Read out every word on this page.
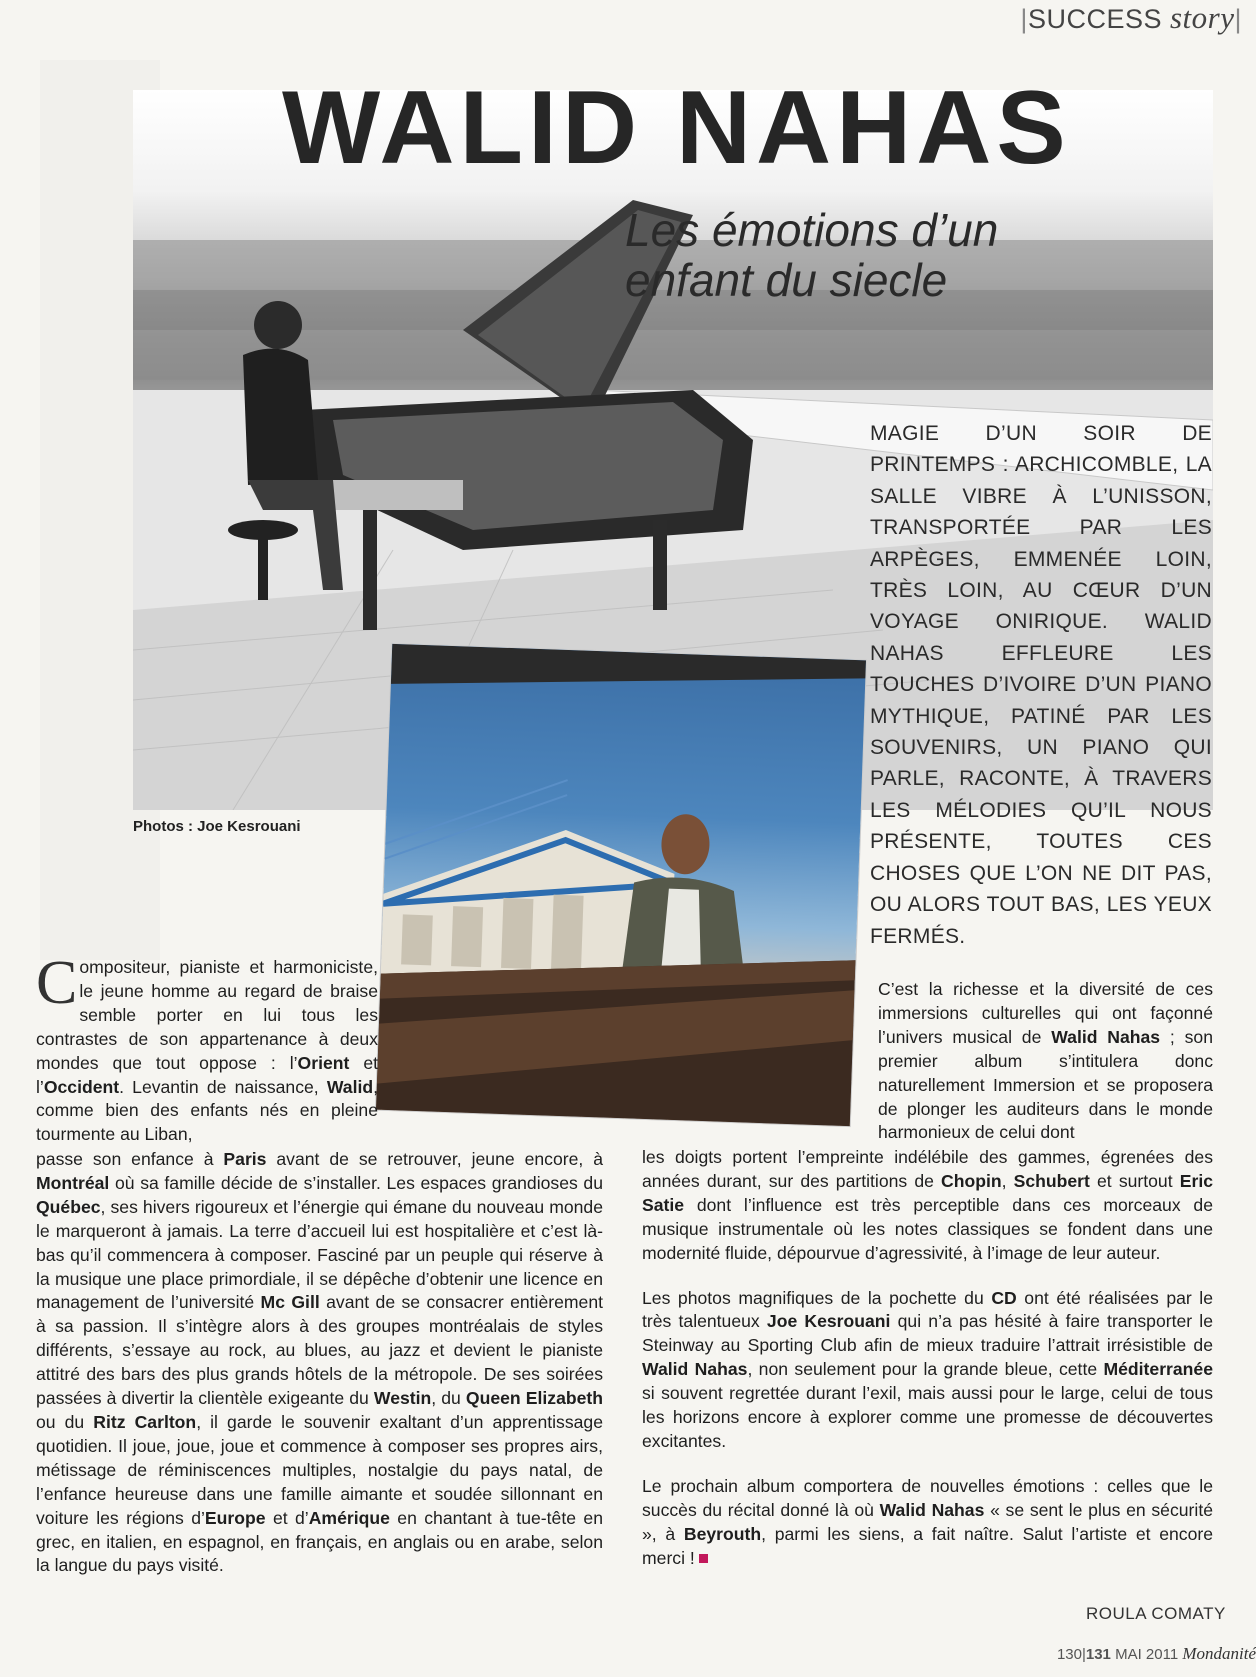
|SUCCESS story|
WALID NAHAS
Les émotions d’un
enfant du siecle
Photos : Joe Kesrouani
MAGIE D’UN SOIR DE PRINTEMPS : ARCHICOMBLE, LA SALLE VIBRE À L’UNISSON, TRANSPORTÉE PAR LES ARPÈGES, EMMENÉE LOIN, TRÈS LOIN, AU CŒUR D’UN VOYAGE ONIRIQUE. WALID NAHAS EFFLEURE LES TOUCHES D’IVOIRE D’UN PIANO MYTHIQUE, PATINÉ PAR LES SOUVENIRS, UN PIANO QUI PARLE, RACONTE, À TRAVERS LES MÉLODIES QU’IL NOUS PRÉSENTE, TOUTES CES CHOSES QUE L’ON NE DIT PAS, OU ALORS TOUT BAS, LES YEUX FERMÉS.
C ompositeur, pianiste et harmoniciste, le jeune homme au regard de braise semble porter en lui tous les contrastes de son appartenance à deux mondes que tout oppose : l’Orient et l’Occident. Levantin de naissance, Walid, comme bien des enfants nés en pleine tourmente au Liban,
passe son enfance à Paris avant de se retrouver, jeune encore, à Montréal où sa famille décide de s’installer. Les espaces grandioses du Québec, ses hivers rigoureux et l’énergie qui émane du nouveau monde le marqueront à jamais. La terre d’accueil lui est hospitalière et c’est là-bas qu’il commencera à composer. Fasciné par un peuple qui réserve à la musique une place primordiale, il se dépêche d’obtenir une licence en management de l’université Mc Gill avant de se consacrer entièrement à sa passion. Il s’intègre alors à des groupes montréalais de styles différents, s’essaye au rock, au blues, au jazz et devient le pianiste attitré des bars des plus grands hôtels de la métropole. De ses soirées passées à divertir la clientèle exigeante du Westin, du Queen Elizabeth ou du Ritz Carlton, il garde le souvenir exaltant d’un apprentissage quotidien. Il joue, joue, joue et commence à composer ses propres airs, métissage de réminiscences multiples, nostalgie du pays natal, de l’enfance heureuse dans une famille aimante et soudée sillonnant en voiture les régions d’Europe et d’Amérique en chantant à tue-tête en grec, en italien, en espagnol, en français, en anglais ou en arabe, selon la langue du pays visité.
C’est la richesse et la diversité de ces immersions culturelles qui ont façonné l’univers musical de Walid Nahas ; son premier album s’intitulera donc naturellement Immersion et se proposera de plonger les auditeurs dans le monde harmonieux de celui dont

les doigts portent l’empreinte indélébile des gammes, égrenées des années durant, sur des partitions de Chopin, Schubert et surtout Eric Satie dont l’influence est très perceptible dans ces morceaux de musique instrumentale où les notes classiques se fondent dans une modernité fluide, dépourvue d’agressivité, à l’image de leur auteur.

Les photos magnifiques de la pochette du CD ont été réalisées par le très talentueux Joe Kesrouani qui n’a pas hésité à faire transporter le Steinway au Sporting Club afin de mieux traduire l’attrait irrésistible de Walid Nahas, non seulement pour la grande bleue, cette Méditerranée si souvent regrettée durant l’exil, mais aussi pour le large, celui de tous les horizons encore à explorer comme une promesse de découvertes excitantes.

Le prochain album comportera de nouvelles émotions : celles que le succès du récital donné là où Walid Nahas « se sent le plus en sécurité », à Beyrouth, parmi les siens, a fait naître. Salut l’artiste et encore merci !

ROULA COMATY
130|131 MAI 2011 Mondanité
